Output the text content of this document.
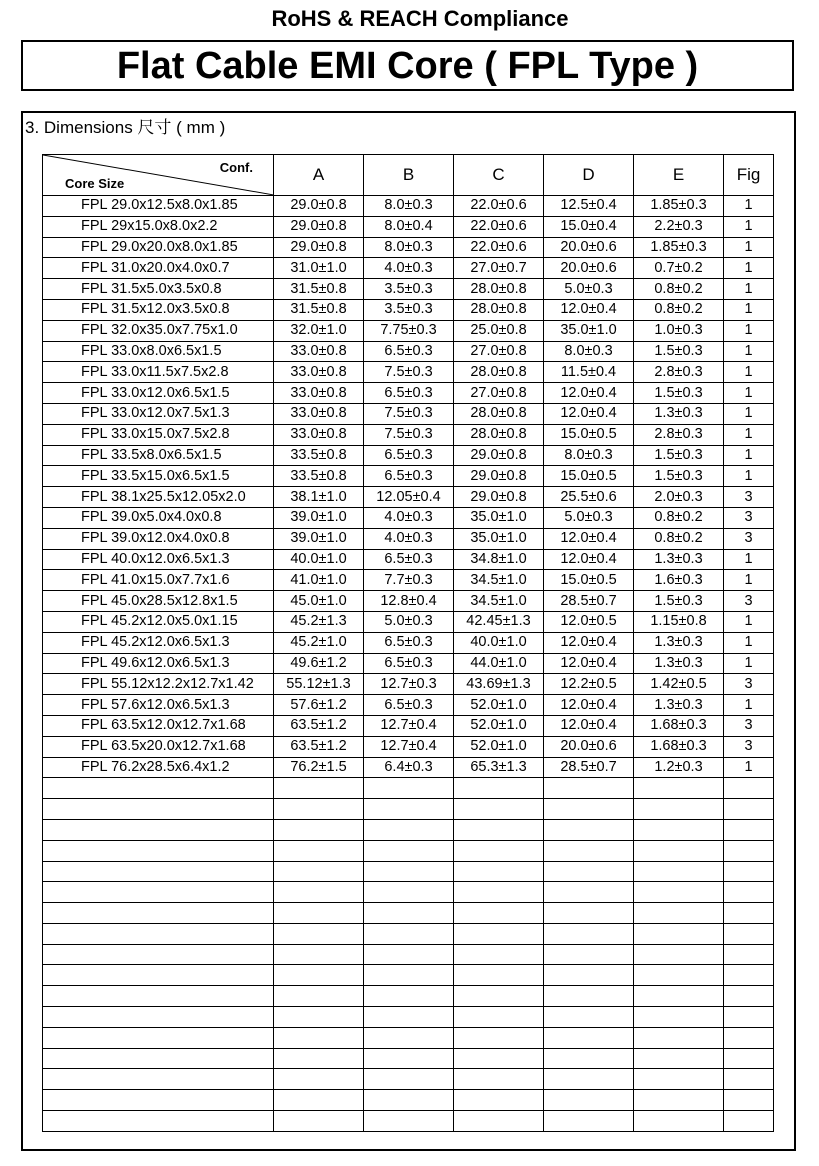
RoHS & REACH Compliance
Flat Cable EMI Core ( FPL Type )
3. Dimensions 尺寸 ( mm )
Conf.
Core Size	A	B	C	D	E	Fig
FPL 29.0x12.5x8.0x1.85	29.0±0.8	8.0±0.3	22.0±0.6	12.5±0.4	1.85±0.3	1
FPL 29x15.0x8.0x2.2	29.0±0.8	8.0±0.4	22.0±0.6	15.0±0.4	2.2±0.3	1
FPL 29.0x20.0x8.0x1.85	29.0±0.8	8.0±0.3	22.0±0.6	20.0±0.6	1.85±0.3	1
FPL 31.0x20.0x4.0x0.7	31.0±1.0	4.0±0.3	27.0±0.7	20.0±0.6	0.7±0.2	1
FPL 31.5x5.0x3.5x0.8	31.5±0.8	3.5±0.3	28.0±0.8	5.0±0.3	0.8±0.2	1
FPL 31.5x12.0x3.5x0.8	31.5±0.8	3.5±0.3	28.0±0.8	12.0±0.4	0.8±0.2	1
FPL 32.0x35.0x7.75x1.0	32.0±1.0	7.75±0.3	25.0±0.8	35.0±1.0	1.0±0.3	1
FPL 33.0x8.0x6.5x1.5	33.0±0.8	6.5±0.3	27.0±0.8	8.0±0.3	1.5±0.3	1
FPL 33.0x11.5x7.5x2.8	33.0±0.8	7.5±0.3	28.0±0.8	11.5±0.4	2.8±0.3	1
FPL 33.0x12.0x6.5x1.5	33.0±0.8	6.5±0.3	27.0±0.8	12.0±0.4	1.5±0.3	1
FPL 33.0x12.0x7.5x1.3	33.0±0.8	7.5±0.3	28.0±0.8	12.0±0.4	1.3±0.3	1
FPL 33.0x15.0x7.5x2.8	33.0±0.8	7.5±0.3	28.0±0.8	15.0±0.5	2.8±0.3	1
FPL 33.5x8.0x6.5x1.5	33.5±0.8	6.5±0.3	29.0±0.8	8.0±0.3	1.5±0.3	1
FPL 33.5x15.0x6.5x1.5	33.5±0.8	6.5±0.3	29.0±0.8	15.0±0.5	1.5±0.3	1
FPL 38.1x25.5x12.05x2.0	38.1±1.0	12.05±0.4	29.0±0.8	25.5±0.6	2.0±0.3	3
FPL 39.0x5.0x4.0x0.8	39.0±1.0	4.0±0.3	35.0±1.0	5.0±0.3	0.8±0.2	3
FPL 39.0x12.0x4.0x0.8	39.0±1.0	4.0±0.3	35.0±1.0	12.0±0.4	0.8±0.2	3
FPL 40.0x12.0x6.5x1.3	40.0±1.0	6.5±0.3	34.8±1.0	12.0±0.4	1.3±0.3	1
FPL 41.0x15.0x7.7x1.6	41.0±1.0	7.7±0.3	34.5±1.0	15.0±0.5	1.6±0.3	1
FPL 45.0x28.5x12.8x1.5	45.0±1.0	12.8±0.4	34.5±1.0	28.5±0.7	1.5±0.3	3
FPL 45.2x12.0x5.0x1.15	45.2±1.3	5.0±0.3	42.45±1.3	12.0±0.5	1.15±0.8	1
FPL 45.2x12.0x6.5x1.3	45.2±1.0	6.5±0.3	40.0±1.0	12.0±0.4	1.3±0.3	1
FPL 49.6x12.0x6.5x1.3	49.6±1.2	6.5±0.3	44.0±1.0	12.0±0.4	1.3±0.3	1
FPL 55.12x12.2x12.7x1.42	55.12±1.3	12.7±0.3	43.69±1.3	12.2±0.5	1.42±0.5	3
FPL 57.6x12.0x6.5x1.3	57.6±1.2	6.5±0.3	52.0±1.0	12.0±0.4	1.3±0.3	1
FPL 63.5x12.0x12.7x1.68	63.5±1.2	12.7±0.4	52.0±1.0	12.0±0.4	1.68±0.3	3
FPL 63.5x20.0x12.7x1.68	63.5±1.2	12.7±0.4	52.0±1.0	20.0±0.6	1.68±0.3	3
FPL 76.2x28.5x6.4x1.2	76.2±1.5	6.4±0.3	65.3±1.3	28.5±0.7	1.2±0.3	1
